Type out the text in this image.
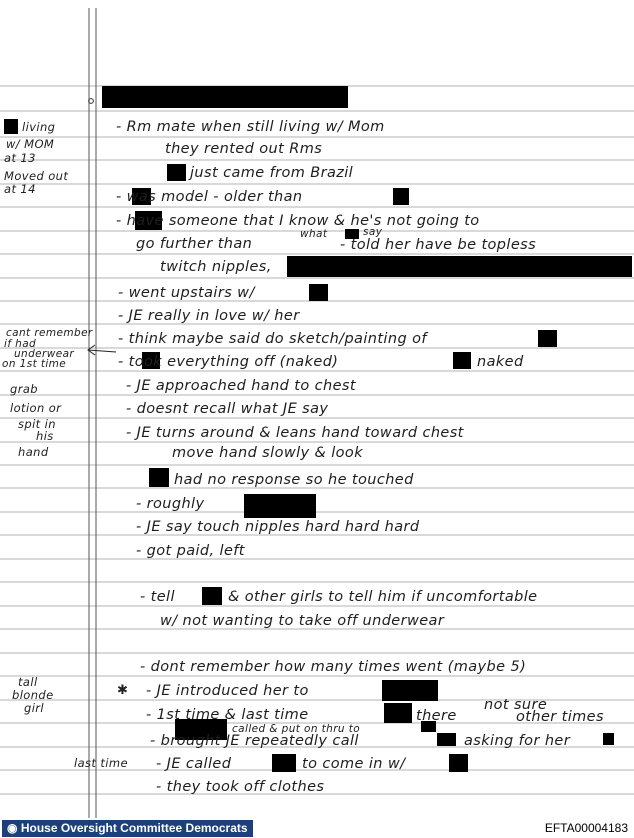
✱
living
w/ MOM
at 13
Moved out
at 14
cant remember
if had
underwear
on 1st time
grab
lotion or
spit in
his
hand
tall
blonde
girl
last time
- Rm mate when still living w/ Mom
they rented out Rms
just came from Brazil
- was model - older than
- have someone that I know & he's not going to
go further than
what	say
- told her have be topless
twitch nipples,
- went upstairs w/
- JE really in love w/ her
- think maybe said do sketch/painting of
- took everything off (naked)	naked
- JE approached hand to chest
- doesnt recall what JE say
- JE turns around & leans hand toward chest
move hand slowly & look
had no response so he touched
- roughly
- JE say touch nipples hard hard hard
- got paid, left
- tell	& other girls to tell him if uncomfortable
w/ not wanting to take off underwear
- dont remember how many times went (maybe 5)
- JE introduced her to
- 1st time & last time	there
not sure
other times
called & put on thru to
- brought JE repeatedly call	asking for her
- JE called	to come in w/
- they took off clothes
◉ House Oversight Committee Democrats	EFTA00004183
